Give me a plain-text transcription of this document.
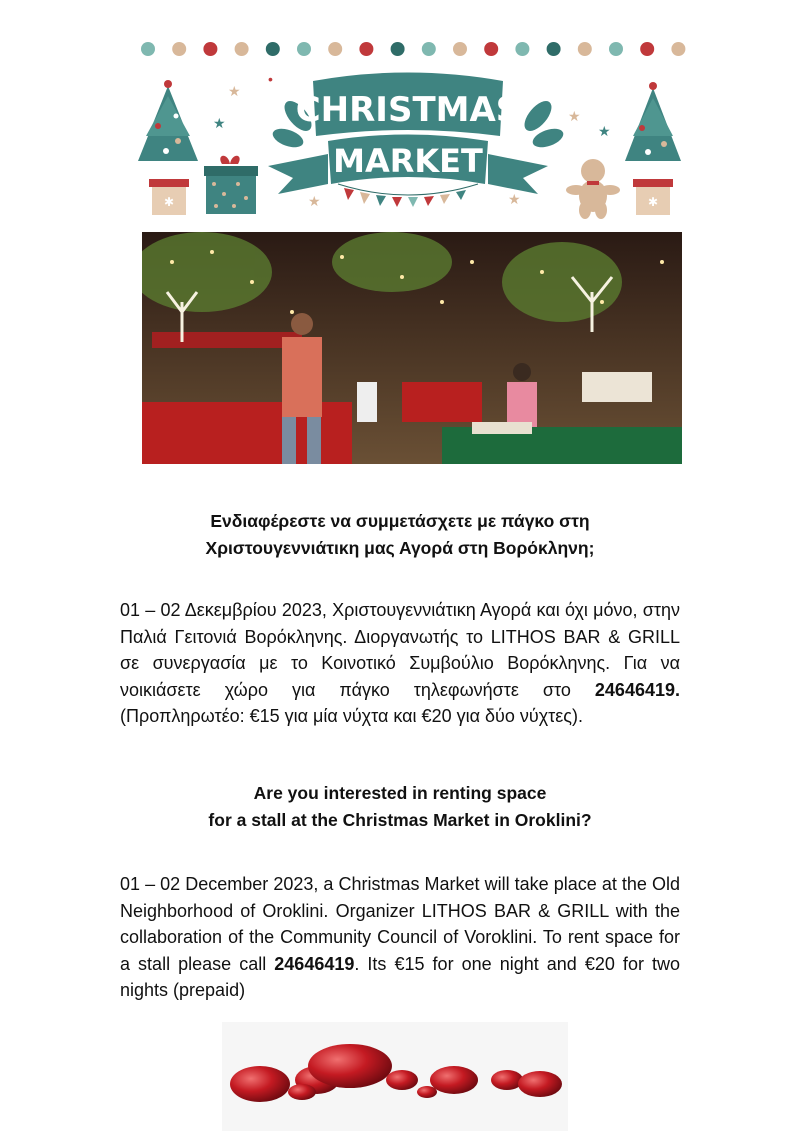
✱
CHRISTMAS
MARKET
★
★
•
★
★
★	★	✱
Ενδιαφέρεστε να συμμετάσχετε με πάγκο στη
Χριστουγεννιάτικη μας Αγορά στη Βορόκληνη;
01 – 02 Δεκεμβρίου 2023, Χριστουγεννιάτικη Αγορά και όχι μόνο, στην Παλιά Γειτονιά Βορόκληνης. Διοργανωτής το LITHOS BAR & GRILL σε συνεργασία με το Κοινοτικό Συμβούλιο Βορόκληνης. Για να νοικιάσετε χώρο για πάγκο τηλεφωνήστε στο 24646419. (Προπληρωτέο: €15 για μία νύχτα και €20 για δύο νύχτες).
Are you interested in renting space
for a stall at the Christmas Market in Oroklini?
01 – 02 December 2023, a Christmas Market will take place at the Old Neighborhood of Oroklini. Organizer LITHOS BAR & GRILL with the collaboration of the Community Council of Voroklini. To rent space for a stall please call 24646419. Its €15 for one night and €20 for two nights (prepaid)
